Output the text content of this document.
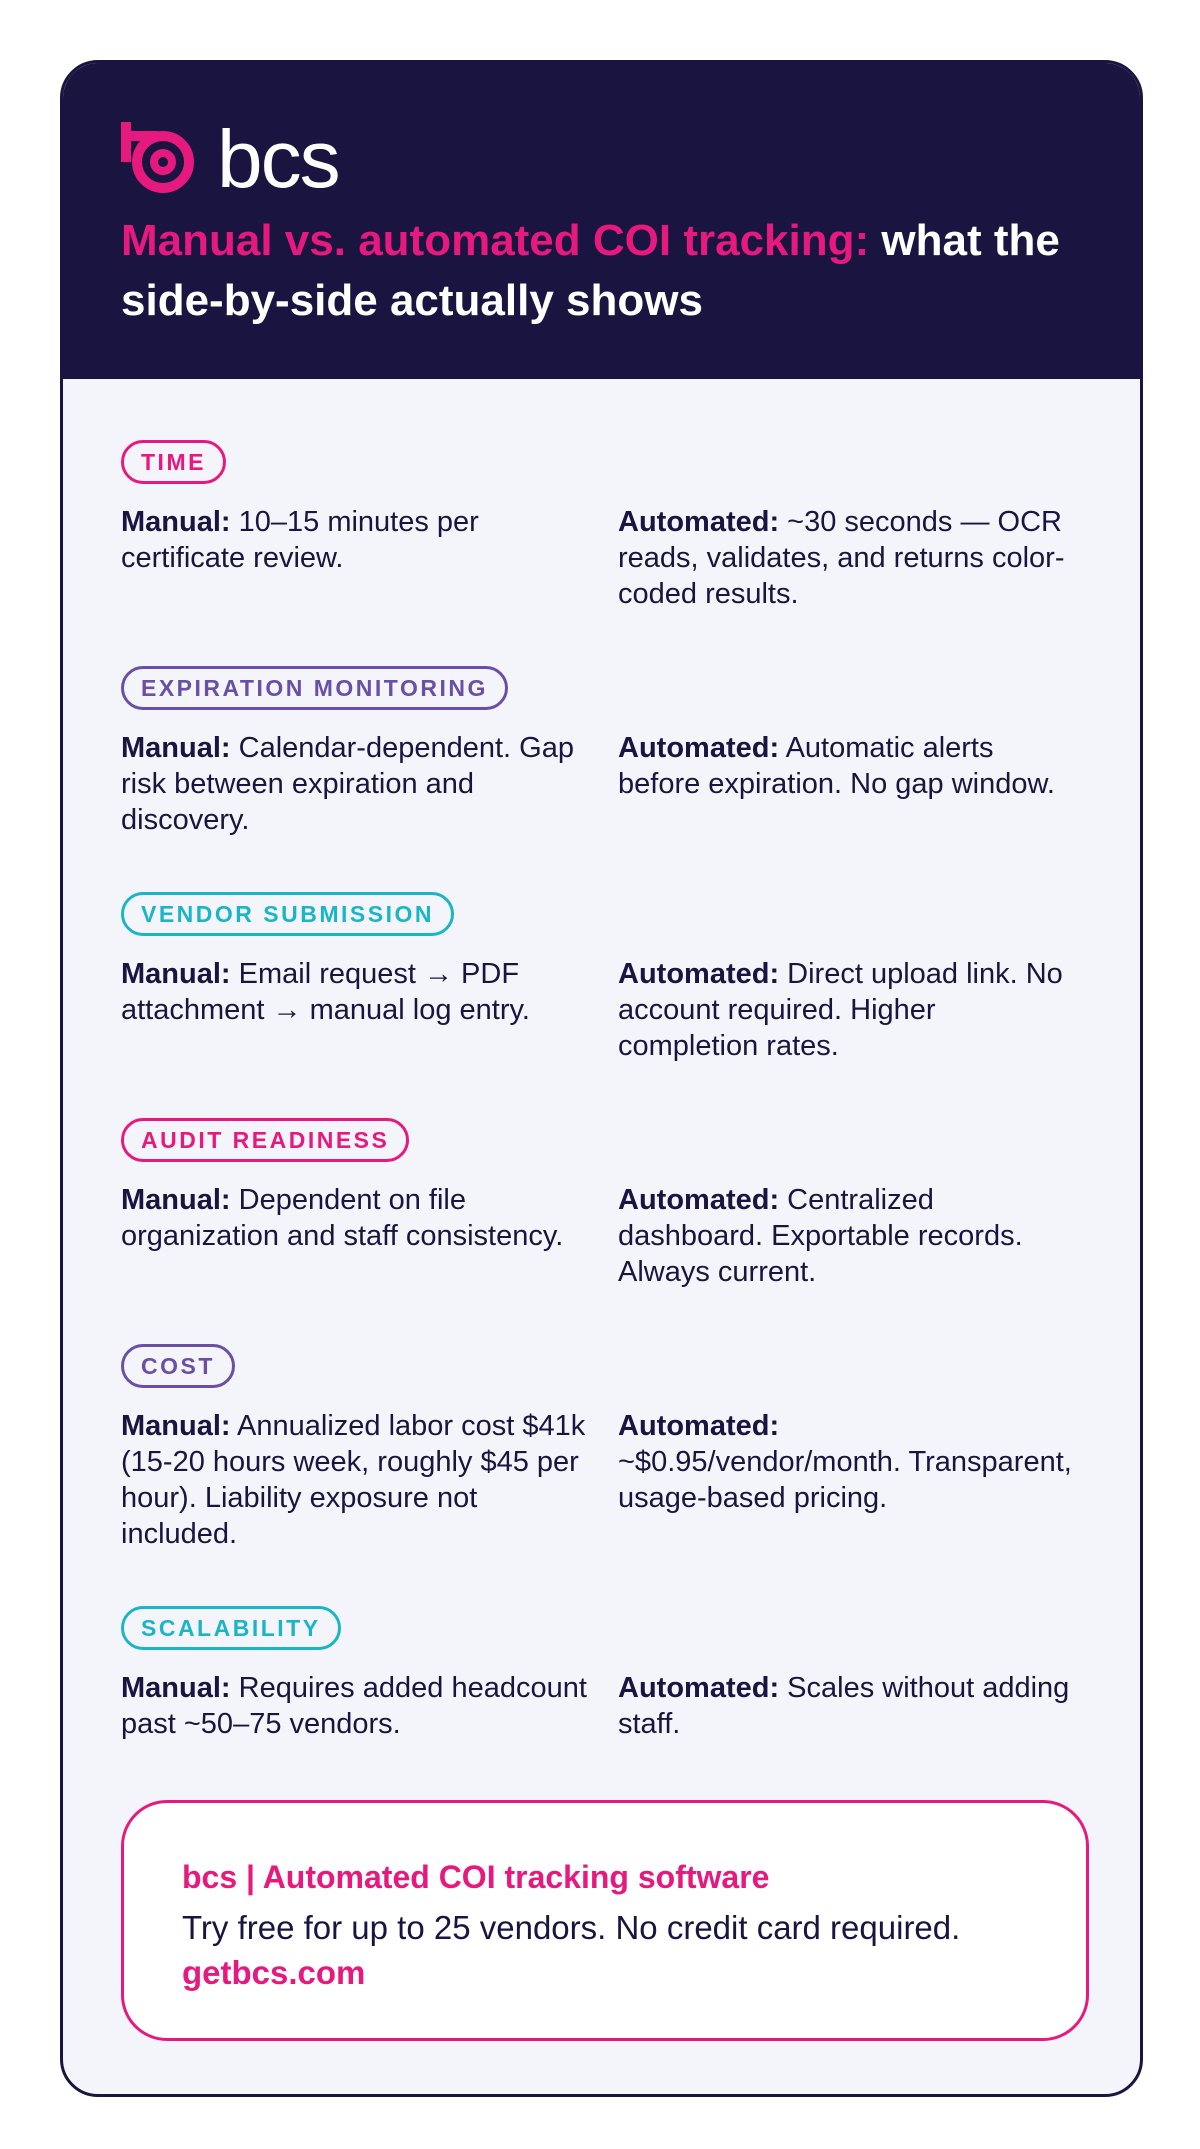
bcs
Manual vs. automated COI tracking: what the side-by-side actually shows
TIME
Manual: 10–15 minutes per certificate review.
Automated: ~30 seconds — OCR reads, validates, and returns color-coded results.
EXPIRATION MONITORING
Manual: Calendar-dependent. Gap risk between expiration and discovery.
Automated: Automatic alerts before expiration. No gap window.
VENDOR SUBMISSION
Manual: Email request → PDF attachment → manual log entry.
Automated: Direct upload link. No account required. Higher completion rates.
AUDIT READINESS
Manual: Dependent on file organization and staff consistency.
Automated: Centralized dashboard. Exportable records. Always current.
COST
Manual: Annualized labor cost $41k (15-20 hours week, roughly $45 per hour). Liability exposure not included.
Automated:
~$0.95/vendor/month. Transparent, usage-based pricing.
SCALABILITY
Manual: Requires added headcount past ~50–75 vendors.
Automated: Scales without adding staff.
bcs | Automated COI tracking software
Try free for up to 25 vendors. No credit card required. getbcs.com
